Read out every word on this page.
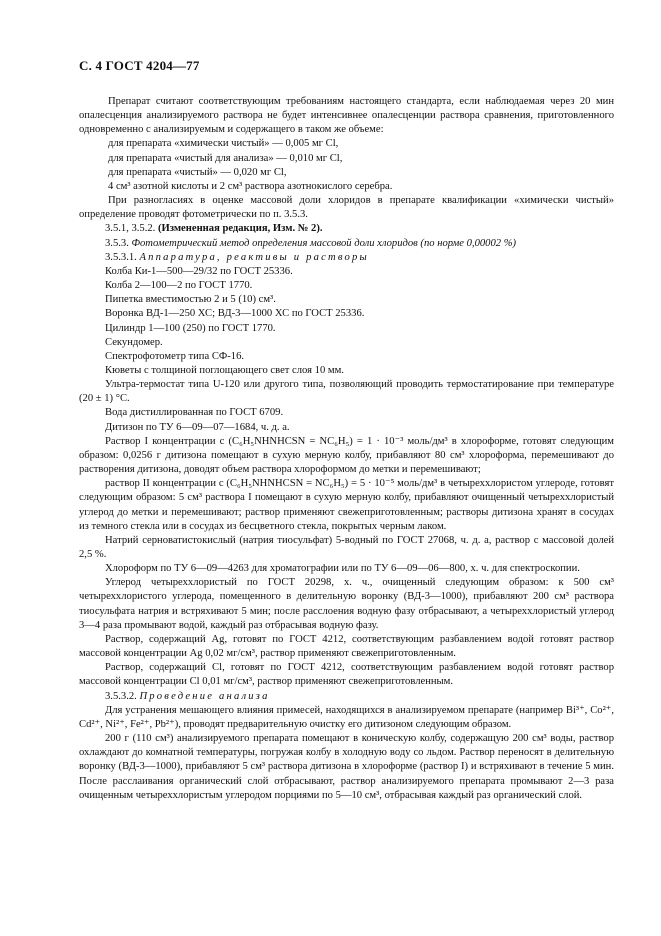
С. 4 ГОСТ 4204—77

Препарат считают соответствующим требованиям настоящего стандарта, если наблюдаемая через 20 мин опалесценция анализируемого раствора не будет интенсивнее опалесценции раствора сравнения, приготовленного одновременно с анализируемым и содержащего в таком же объеме:

для препарата «химически чистый» — 0,005 мг Cl,

для препарата «чистый для анализа» — 0,010 мг Cl,

для препарата «чистый» — 0,020 мг Cl,

4 см³ азотной кислоты и 2 см³ раствора азотнокислого серебра.

При разногласиях в оценке массовой доли хлоридов в препарате квалификации «химически чистый» определение проводят фотометрически по п. 3.5.3.

3.5.1, 3.5.2. (Измененная редакция, Изм. № 2).

3.5.3. Фотометрический метод определения массовой доли хлоридов (по норме 0,00002 %)

3.5.3.1. Аппаратура, реактивы и растворы

Колба Ки-1—500—29/32 по ГОСТ 25336.

Колба 2—100—2 по ГОСТ 1770.

Пипетка вместимостью 2 и 5 (10) см³.

Воронка ВД-1—250 ХС; ВД-3—1000 ХС по ГОСТ 25336.

Цилиндр 1—100 (250) по ГОСТ 1770.

Секундомер.

Спектрофотометр типа СФ-16.

Кюветы с толщиной поглощающего свет слоя 10 мм.

Ультра-термостат типа U-120 или другого типа, позволяющий проводить термостатирование при температуре (20 ± 1) °C.

Вода дистиллированная по ГОСТ 6709.

Дитизон по ТУ 6—09—07—1684, ч. д. а.

Раствор I концентрации c (C₆H₅NHNHCSN = NC₆H₅) = 1 · 10⁻³ моль/дм³ в хлороформе, готовят следующим образом: 0,0256 г дитизона помещают в сухую мерную колбу, прибавляют 80 см³ хлороформа, перемешивают до растворения дитизона, доводят объем раствора хлороформом до метки и перемешивают;

раствор II концентрации c (C₆H₅NHNHCSN = NC₆H₅) = 5 · 10⁻⁵ моль/дм³ в четыреххлористом углероде, готовят следующим образом: 5 см³ раствора I помещают в сухую мерную колбу, прибавляют очищенный четыреххлористый углерод до метки и перемешивают; раствор применяют свежеприготовленным; растворы дитизона хранят в сосудах из темного стекла или в сосудах из бесцветного стекла, покрытых черным лаком.

Натрий серноватистокислый (натрия тиосульфат) 5-водный по ГОСТ 27068, ч. д. а, раствор с массовой долей 2,5 %.

Хлороформ по ТУ 6—09—4263 для хроматографии или по ТУ 6—09—06—800, х. ч. для спектроскопии.

Углерод четыреххлористый по ГОСТ 20298, х. ч., очищенный следующим образом: к 500 см³ четыреххлористого углерода, помещенного в делительную воронку (ВД-3—1000), прибавляют 200 см³ раствора тиосульфата натрия и встряхивают 5 мин; после расслоения водную фазу отбрасывают, а четыреххлористый углерод 3—4 раза промывают водой, каждый раз отбрасывая водную фазу.

Раствор, содержащий Ag, готовят по ГОСТ 4212, соответствующим разбавлением водой готовят раствор массовой концентрации Ag 0,02 мг/см³, раствор применяют свежеприготовленным.

Раствор, содержащий Cl, готовят по ГОСТ 4212, соответствующим разбавлением водой готовят раствор массовой концентрации Cl 0,01 мг/см³, раствор применяют свежеприготовленным.

3.5.3.2. Проведение анализа

Для устранения мешающего влияния примесей, находящихся в анализируемом препарате (например Bi³⁺, Co²⁺, Cd²⁺, Ni²⁺, Fe²⁺, Pb²⁺), проводят предварительную очистку его дитизоном следующим образом.

200 г (110 см³) анализируемого препарата помещают в коническую колбу, содержащую 200 см³ воды, раствор охлаждают до комнатной температуры, погружая колбу в холодную воду со льдом. Раствор переносят в делительную воронку (ВД-3—1000), прибавляют 5 см³ раствора дитизона в хлороформе (раствор I) и встряхивают в течение 5 мин. После расслаивания органический слой отбрасывают, раствор анализируемого препарата промывают 2—3 раза очищенным четыреххлористым углеродом порциями по 5—10 см³, отбрасывая каждый раз органический слой.
